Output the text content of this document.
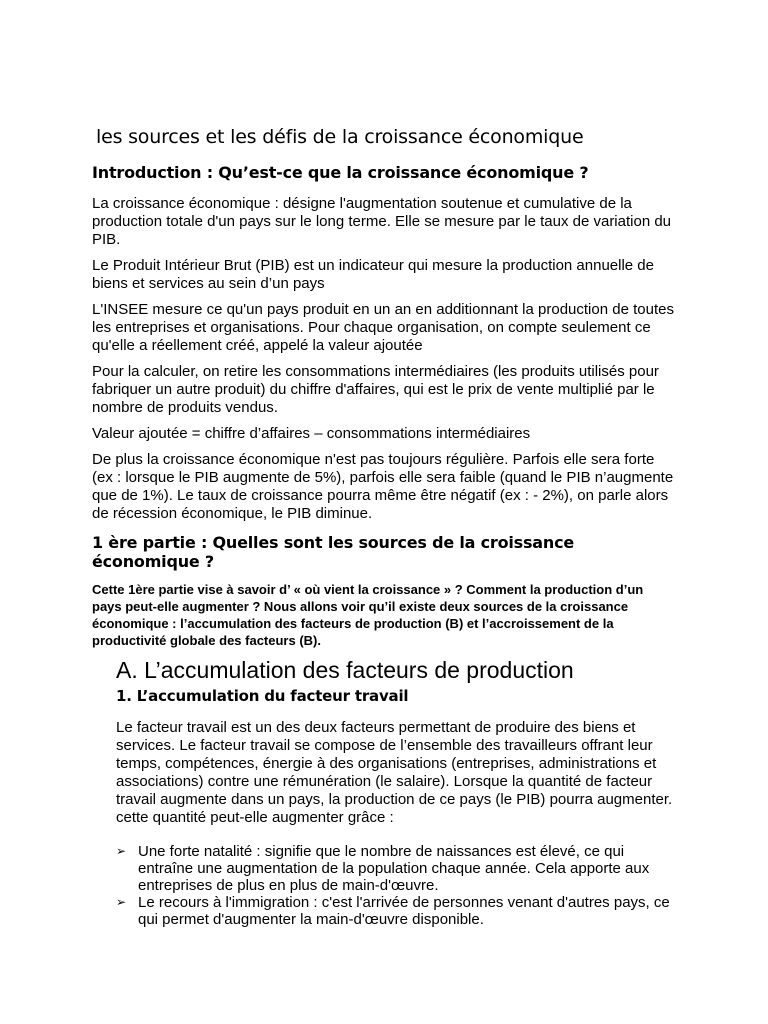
les sources et les défis de la croissance économique
Introduction : Qu’est-ce que la croissance économique ?

La croissance économique : désigne l'augmentation soutenue et cumulative de la production totale d'un pays sur le long terme. Elle se mesure par le taux de variation du PIB.

Le Produit Intérieur Brut (PIB) est un indicateur qui mesure la production annuelle de biens et services au sein d’un pays

L'INSEE mesure ce qu'un pays produit en un an en additionnant la production de toutes les entreprises et organisations. Pour chaque organisation, on compte seulement ce qu'elle a réellement créé, appelé la valeur ajoutée

Pour la calculer, on retire les consommations intermédiaires (les produits utilisés pour fabriquer un autre produit) du chiffre d'affaires, qui est le prix de vente multiplié par le nombre de produits vendus.

Valeur ajoutée = chiffre d’affaires – consommations intermédiaires

De plus la croissance économique n'est pas toujours régulière. Parfois elle sera forte (ex : lorsque le PIB augmente de 5%), parfois elle sera faible (quand le PIB n’augmente que de 1%). Le taux de croissance pourra même être négatif (ex : - 2%), on parle alors de récession économique, le PIB diminue.

1 ère partie : Quelles sont les sources de la croissance économique ?

Cette 1ère partie vise à savoir d’ « où vient la croissance » ? Comment la production d’un pays peut-elle augmenter ? Nous allons voir qu’il existe deux sources de la croissance économique : l’accumulation des facteurs de production (B) et l’accroissement de la productivité globale des facteurs (B).

A. L’accumulation des facteurs de production
1. L’accumulation du facteur travail

Le facteur travail est un des deux facteurs permettant de produire des biens et services. Le facteur travail se compose de l’ensemble des travailleurs offrant leur temps, compétences, énergie à des organisations (entreprises, administrations et associations) contre une rémunération (le salaire). Lorsque la quantité de facteur travail augmente dans un pays, la production de ce pays (le PIB) pourra augmenter. cette quantité peut-elle augmenter grâce :

➢ Une forte natalité : signifie que le nombre de naissances est élevé, ce qui entraîne une augmentation de la population chaque année. Cela apporte aux entreprises de plus en plus de main-d'œuvre.
➢ Le recours à l'immigration : c'est l'arrivée de personnes venant d'autres pays, ce qui permet d'augmenter la main-d'œuvre disponible.
